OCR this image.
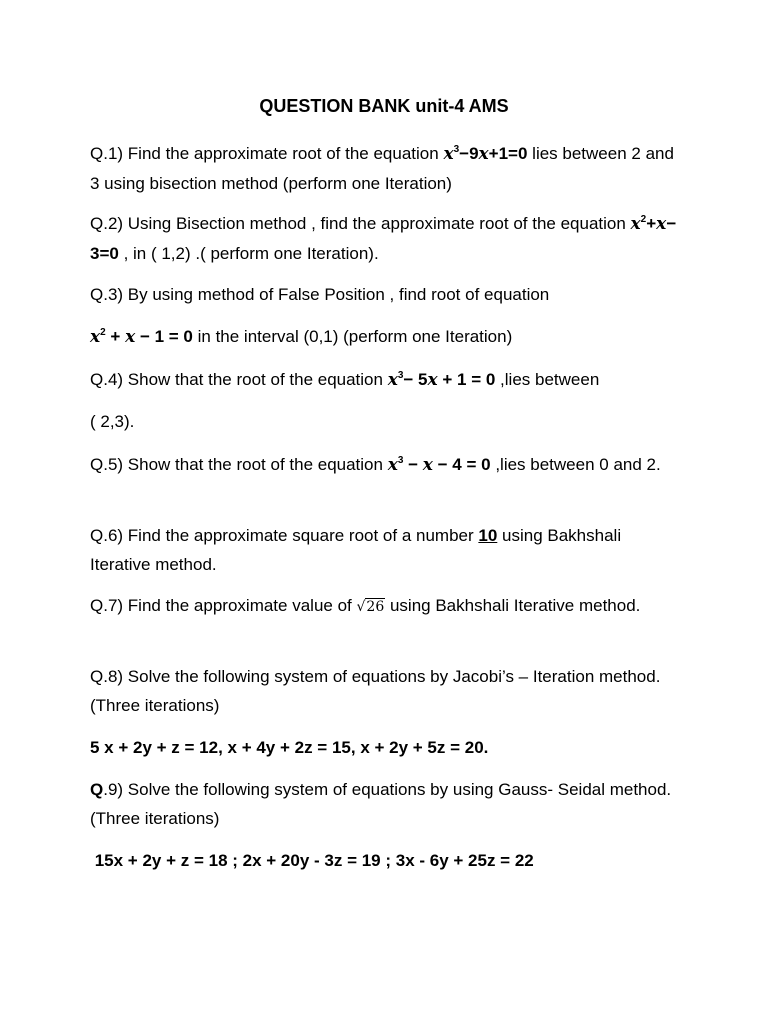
QUESTION BANK unit-4 AMS
Q.1) Find the approximate root of the equation $x^3-9x+1=0$ lies between 2 and 3 using bisection method (perform one Iteration)
Q.2) Using Bisection method , find the approximate root of the equation $x^2+x- 3=0$ , in ( 1,2) .( perform one Iteration).
Q.3) By using method of False Position , find root of equation
$x^2 + x - 1 = 0$ in the interval (0,1) (perform one Iteration)
Q.4) Show that the root of the equation $x^3- 5x + 1 = 0$ ,lies between
( 2,3).
Q.5) Show that the root of the equation $x^3 - x - 4 = 0$ ,lies between 0 and 2.
Q.6) Find the approximate square root of a number 10 using Bakhshali Iterative method.
Q.7) Find the approximate value of √26 using Bakhshali Iterative method.
Q.8) Solve the following system of equations by Jacobi’s – Iteration method. (Three iterations)
5 x + 2y + z = 12, x + 4y + 2z = 15, x + 2y + 5z = 20.
Q.9) Solve the following system of equations by using Gauss- Seidal method. (Three iterations)
15x + 2y + z = 18 ; 2x + 20y - 3z = 19 ; 3x - 6y + 25z = 22
